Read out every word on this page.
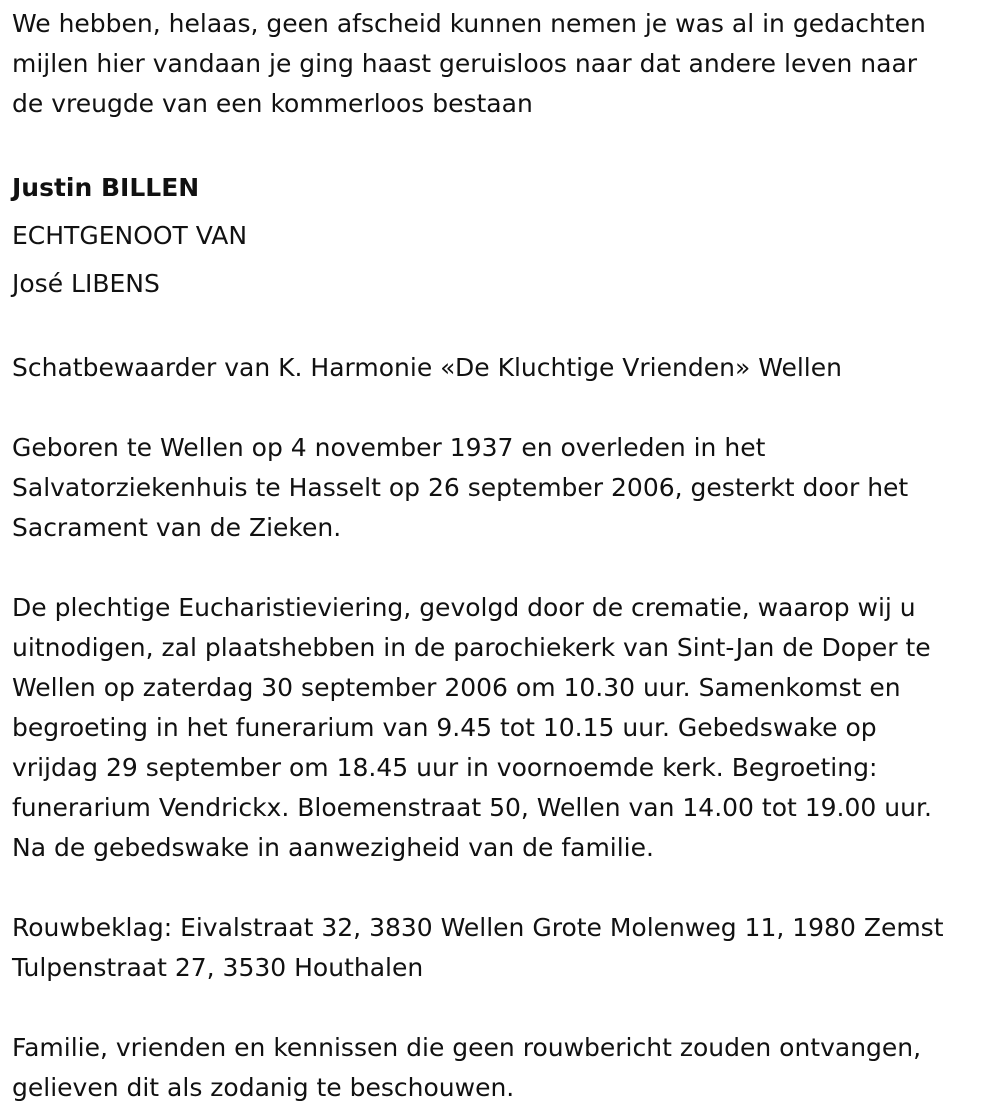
We hebben, helaas, geen afscheid kunnen nemen je was al in gedachten
mijlen hier vandaan je ging haast geruisloos naar dat andere leven naar
de vreugde van een kommerloos bestaan
Justin BILLEN
ECHTGENOOT VAN
José LIBENS
Schatbewaarder van K. Harmonie «De Kluchtige Vrienden» Wellen
Geboren te Wellen op 4 november 1937 en overleden in het
Salvatorziekenhuis te Hasselt op 26 september 2006, gesterkt door het
Sacrament van de Zieken.
De plechtige Eucharistieviering, gevolgd door de crematie, waarop wij u
uitnodigen, zal plaatshebben in de parochiekerk van Sint-Jan de Doper te
Wellen op zaterdag 30 september 2006 om 10.30 uur. Samenkomst en
begroeting in het funerarium van 9.45 tot 10.15 uur. Gebedswake op
vrijdag 29 september om 18.45 uur in voornoemde kerk. Begroeting:
funerarium Vendrickx. Bloemenstraat 50, Wellen van 14.00 tot 19.00 uur.
Na de gebedswake in aanwezigheid van de familie.
Rouwbeklag: Eivalstraat 32, 3830 Wellen Grote Molenweg 11, 1980 Zemst
Tulpenstraat 27, 3530 Houthalen
Familie, vrienden en kennissen die geen rouwbericht zouden ontvangen,
gelieven dit als zodanig te beschouwen.
